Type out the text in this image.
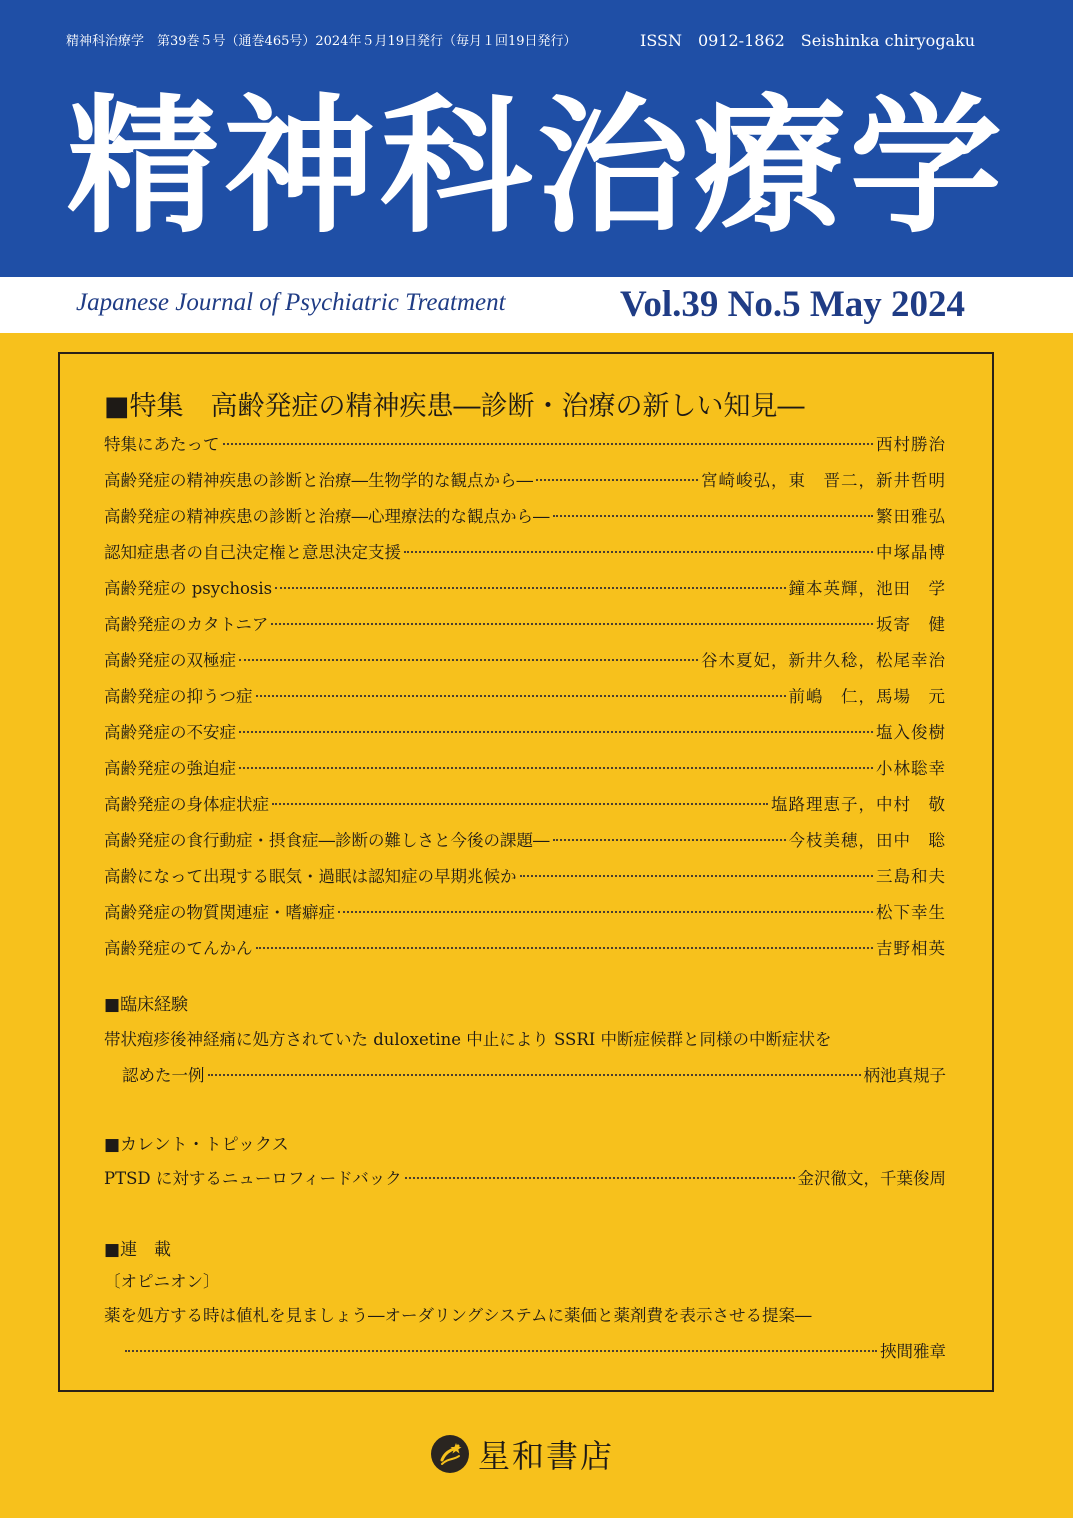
精神科治療学　第39巻５号（通巻465号）2024年５月19日発行（毎月１回19日発行）	ISSN　0912-1862　Seishinka chiryogaku
精神科治療学
Japanese Journal of Psychiatric Treatment	Vol.39 No.5 May 2024
■特集　高齢発症の精神疾患―診断・治療の新しい知見―
特集にあたって	西村勝治
高齢発症の精神疾患の診断と治療―生物学的な観点から―	宮崎峻弘，東　晋二，新井哲明
高齢発症の精神疾患の診断と治療―心理療法的な観点から―	繁田雅弘
認知症患者の自己決定権と意思決定支援	中塚晶博
高齢発症の psychosis	鐘本英輝，池田　学
高齢発症のカタトニア	坂寄　健
高齢発症の双極症	谷木夏妃，新井久稔，松尾幸治
高齢発症の抑うつ症	前嶋　仁，馬場　元
高齢発症の不安症	塩入俊樹
高齢発症の強迫症	小林聡幸
高齢発症の身体症状症	塩路理恵子，中村　敬
高齢発症の食行動症・摂食症―診断の難しさと今後の課題―	今枝美穂，田中　聡
高齢になって出現する眠気・過眠は認知症の早期兆候か	三島和夫
高齢発症の物質関連症・嗜癖症	松下幸生
高齢発症のてんかん	吉野相英
■臨床経験
帯状疱疹後神経痛に処方されていた duloxetine 中止により SSRI 中断症候群と同様の中断症状を
認めた一例	柄池真規子
■カレント・トピックス
PTSD に対するニューロフィードバック	金沢徹文，千葉俊周
■連　載
〔オピニオン〕
薬を処方する時は値札を見ましょう―オーダリングシステムに薬価と薬剤費を表示させる提案―
挾間雅章
星和書店
